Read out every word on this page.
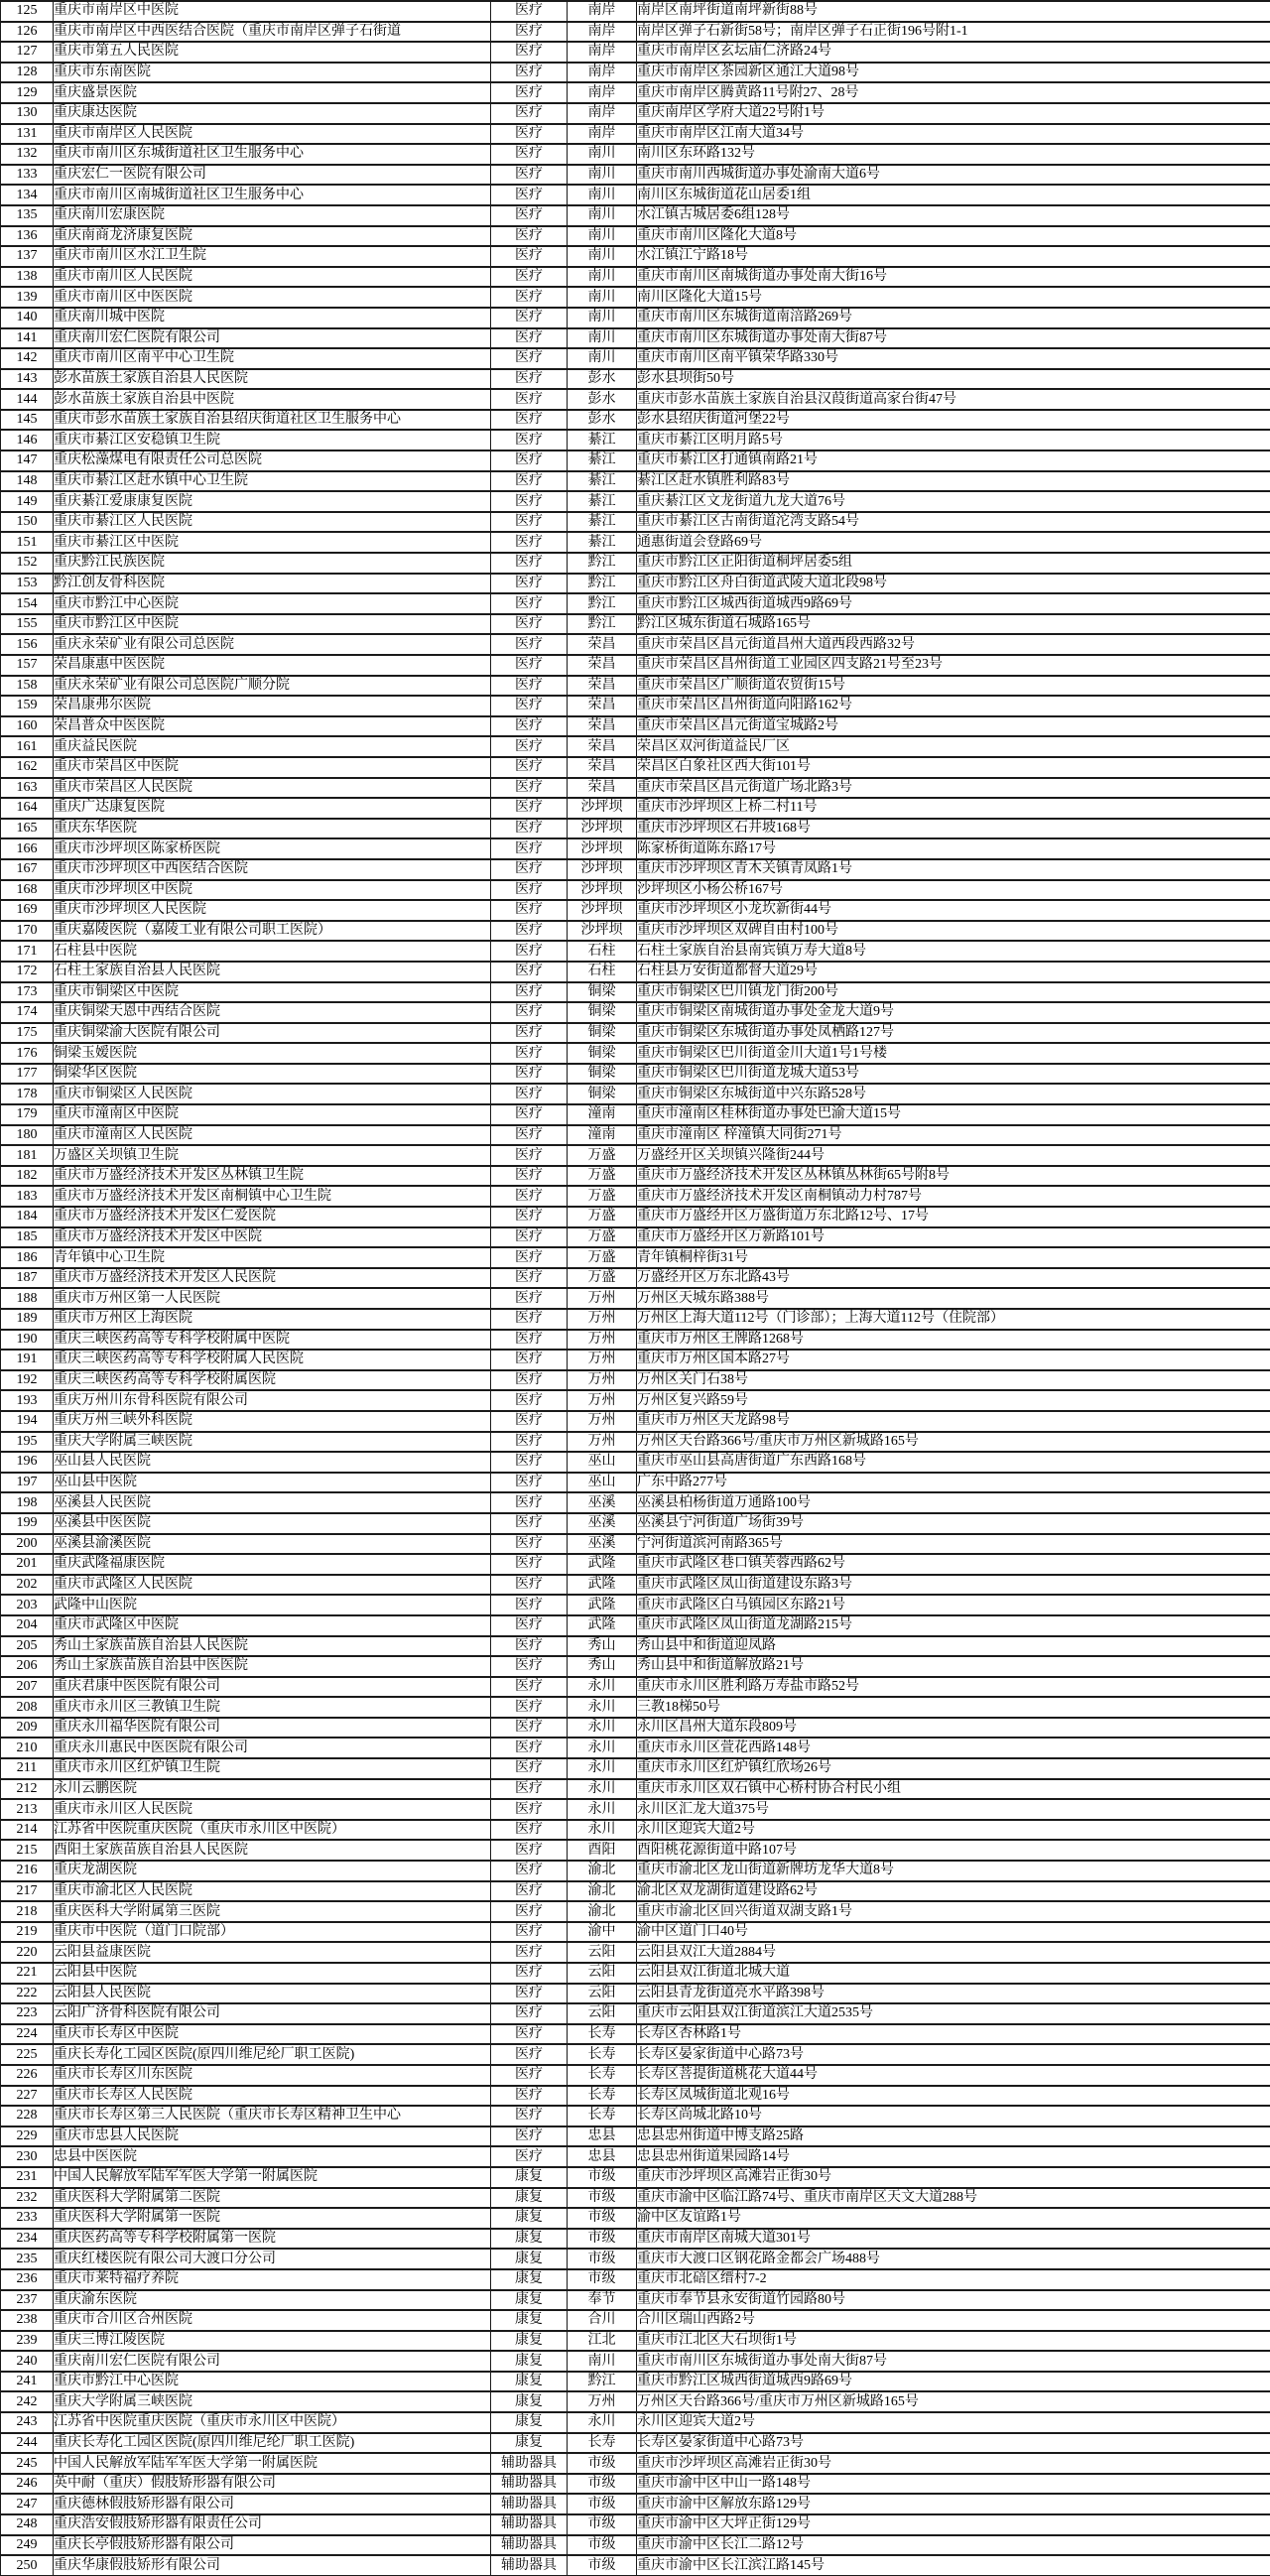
125	重庆市南岸区中医院	医疗	南岸	南岸区南坪街道南坪新街88号
126	重庆市南岸区中西医结合医院（重庆市南岸区弹子石街道	医疗	南岸	南岸区弹子石新街58号；南岸区弹子石正街196号附1-1
127	重庆市第五人民医院	医疗	南岸	重庆市南岸区玄坛庙仁济路24号
128	重庆市东南医院	医疗	南岸	重庆市南岸区茶园新区通江大道98号
129	重庆盛景医院	医疗	南岸	重庆市南岸区腾黄路11号附27、28号
130	重庆康达医院	医疗	南岸	重庆南岸区学府大道22号附1号
131	重庆市南岸区人民医院	医疗	南岸	重庆市南岸区江南大道34号
132	重庆市南川区东城街道社区卫生服务中心	医疗	南川	南川区东环路132号
133	重庆宏仁一医院有限公司	医疗	南川	重庆市南川西城街道办事处渝南大道6号
134	重庆市南川区南城街道社区卫生服务中心	医疗	南川	南川区东城街道花山居委1组
135	重庆南川宏康医院	医疗	南川	水江镇古城居委6组128号
136	重庆南商龙济康复医院	医疗	南川	重庆市南川区隆化大道8号
137	重庆市南川区水江卫生院	医疗	南川	水江镇江宁路18号
138	重庆市南川区人民医院	医疗	南川	重庆市南川区南城街道办事处南大街16号
139	重庆市南川区中医医院	医疗	南川	南川区隆化大道15号
140	重庆南川城中医院	医疗	南川	重庆市南川区东城街道南涪路269号
141	重庆南川宏仁医院有限公司	医疗	南川	重庆市南川区东城街道办事处南大街87号
142	重庆市南川区南平中心卫生院	医疗	南川	重庆市南川区南平镇荣华路330号
143	彭水苗族土家族自治县人民医院	医疗	彭水	彭水县坝街50号
144	彭水苗族土家族自治县中医院	医疗	彭水	重庆市彭水苗族土家族自治县汉葭街道高家台街47号
145	重庆市彭水苗族土家族自治县绍庆街道社区卫生服务中心	医疗	彭水	彭水县绍庆街道河堡22号
146	重庆市綦江区安稳镇卫生院	医疗	綦江	重庆市綦江区明月路5号
147	重庆松藻煤电有限责任公司总医院	医疗	綦江	重庆市綦江区打通镇南路21号
148	重庆市綦江区赶水镇中心卫生院	医疗	綦江	綦江区赶水镇胜利路83号
149	重庆綦江爱康康复医院	医疗	綦江	重庆綦江区文龙街道九龙大道76号
150	重庆市綦江区人民医院	医疗	綦江	重庆市綦江区古南街道沱湾支路54号
151	重庆市綦江区中医院	医疗	綦江	通惠街道会登路69号
152	重庆黔江民族医院	医疗	黔江	重庆市黔江区正阳街道桐坪居委5组
153	黔江创友骨科医院	医疗	黔江	重庆市黔江区舟白街道武陵大道北段98号
154	重庆市黔江中心医院	医疗	黔江	重庆市黔江区城西街道城西9路69号
155	重庆市黔江区中医院	医疗	黔江	黔江区城东街道石城路165号
156	重庆永荣矿业有限公司总医院	医疗	荣昌	重庆市荣昌区昌元街道昌州大道西段西路32号
157	荣昌康惠中医医院	医疗	荣昌	重庆市荣昌区昌州街道工业园区四支路21号至23号
158	重庆永荣矿业有限公司总医院广顺分院	医疗	荣昌	重庆市荣昌区广顺街道农贸街15号
159	荣昌康弗尔医院	医疗	荣昌	重庆市荣昌区昌州街道向阳路162号
160	荣昌普众中医医院	医疗	荣昌	重庆市荣昌区昌元街道宝城路2号
161	重庆益民医院	医疗	荣昌	荣昌区双河街道益民厂区
162	重庆市荣昌区中医院	医疗	荣昌	荣昌区白象社区西大街101号
163	重庆市荣昌区人民医院	医疗	荣昌	重庆市荣昌区昌元街道广场北路3号
164	重庆广达康复医院	医疗	沙坪坝	重庆市沙坪坝区上桥二村11号
165	重庆东华医院	医疗	沙坪坝	重庆市沙坪坝区石井坡168号
166	重庆市沙坪坝区陈家桥医院	医疗	沙坪坝	陈家桥街道陈东路17号
167	重庆市沙坪坝区中西医结合医院	医疗	沙坪坝	重庆市沙坪坝区青木关镇青凤路1号
168	重庆市沙坪坝区中医院	医疗	沙坪坝	沙坪坝区小杨公桥167号
169	重庆市沙坪坝区人民医院	医疗	沙坪坝	重庆市沙坪坝区小龙坎新街44号
170	重庆嘉陵医院（嘉陵工业有限公司职工医院）	医疗	沙坪坝	重庆市沙坪坝区双碑自由村100号
171	石柱县中医院	医疗	石柱	石柱土家族自治县南宾镇万寿大道8号
172	石柱土家族自治县人民医院	医疗	石柱	石柱县万安街道都督大道29号
173	重庆市铜梁区中医院	医疗	铜梁	重庆市铜梁区巴川镇龙门街200号
174	重庆铜梁天恩中西结合医院	医疗	铜梁	重庆市铜梁区南城街道办事处金龙大道9号
175	重庆铜梁渝大医院有限公司	医疗	铜梁	重庆市铜梁区东城街道办事处凤栖路127号
176	铜梁玉嫒医院	医疗	铜梁	重庆市铜梁区巴川街道金川大道1号1号楼
177	铜梁华区医院	医疗	铜梁	重庆市铜梁区巴川街道龙城大道53号
178	重庆市铜梁区人民医院	医疗	铜梁	重庆市铜梁区东城街道中兴东路528号
179	重庆市潼南区中医院	医疗	潼南	重庆市潼南区桂林街道办事处巴渝大道15号
180	重庆市潼南区人民医院	医疗	潼南	重庆市潼南区 梓潼镇大同街271号
181	万盛区关坝镇卫生院	医疗	万盛	万盛经开区关坝镇兴隆街244号
182	重庆市万盛经济技术开发区丛林镇卫生院	医疗	万盛	重庆市万盛经济技术开发区丛林镇丛林街65号附8号
183	重庆市万盛经济技术开发区南桐镇中心卫生院	医疗	万盛	重庆市万盛经济技术开发区南桐镇动力村787号
184	重庆市万盛经济技术开发区仁爱医院	医疗	万盛	重庆市万盛经开区万盛街道万东北路12号、17号
185	重庆市万盛经济技术开发区中医院	医疗	万盛	重庆市万盛经开区万新路101号
186	青年镇中心卫生院	医疗	万盛	青年镇桐梓街31号
187	重庆市万盛经济技术开发区人民医院	医疗	万盛	万盛经开区万东北路43号
188	重庆市万州区第一人民医院	医疗	万州	万州区天城东路388号
189	重庆市万州区上海医院	医疗	万州	万州区上海大道112号（门诊部）；上海大道112号（住院部）
190	重庆三峡医药高等专科学校附属中医院	医疗	万州	重庆市万州区王牌路1268号
191	重庆三峡医药高等专科学校附属人民医院	医疗	万州	重庆市万州区国本路27号
192	重庆三峡医药高等专科学校附属医院	医疗	万州	万州区关门石38号
193	重庆万州川东骨科医院有限公司	医疗	万州	万州区复兴路59号
194	重庆万州三峡外科医院	医疗	万州	重庆市万州区天龙路98号
195	重庆大学附属三峡医院	医疗	万州	万州区天台路366号/重庆市万州区新城路165号
196	巫山县人民医院	医疗	巫山	重庆市巫山县高唐街道广东西路168号
197	巫山县中医院	医疗	巫山	广东中路277号
198	巫溪县人民医院	医疗	巫溪	巫溪县柏杨街道万通路100号
199	巫溪县中医医院	医疗	巫溪	巫溪县宁河街道广场街39号
200	巫溪县渝溪医院	医疗	巫溪	宁河街道滨河南路365号
201	重庆武隆福康医院	医疗	武隆	重庆市武隆区巷口镇芙蓉西路62号
202	重庆市武隆区人民医院	医疗	武隆	重庆市武隆区凤山街道建设东路3号
203	武隆中山医院	医疗	武隆	重庆市武隆区白马镇园区东路21号
204	重庆市武隆区中医院	医疗	武隆	重庆市武隆区凤山街道龙湖路215号
205	秀山土家族苗族自治县人民医院	医疗	秀山	秀山县中和街道迎凤路
206	秀山土家族苗族自治县中医医院	医疗	秀山	秀山县中和街道解放路21号
207	重庆君康中医医院有限公司	医疗	永川	重庆市永川区胜利路万寿盐市路52号
208	重庆市永川区三教镇卫生院	医疗	永川	三教18梯50号
209	重庆永川福华医院有限公司	医疗	永川	永川区昌州大道东段809号
210	重庆永川惠民中医医院有限公司	医疗	永川	重庆市永川区萱花西路148号
211	重庆市永川区红炉镇卫生院	医疗	永川	重庆市永川区红炉镇红欣场26号
212	永川云鹏医院	医疗	永川	重庆市永川区双石镇中心桥村协合村民小组
213	重庆市永川区人民医院	医疗	永川	永川区汇龙大道375号
214	江苏省中医院重庆医院（重庆市永川区中医院）	医疗	永川	永川区迎宾大道2号
215	酉阳土家族苗族自治县人民医院	医疗	酉阳	酉阳桃花源街道中路107号
216	重庆龙湖医院	医疗	渝北	重庆市渝北区龙山街道新牌坊龙华大道8号
217	重庆市渝北区人民医院	医疗	渝北	渝北区双龙湖街道建设路62号
218	重庆医科大学附属第三医院	医疗	渝北	重庆市渝北区回兴街道双湖支路1号
219	重庆市中医院（道门口院部）	医疗	渝中	渝中区道门口40号
220	云阳县益康医院	医疗	云阳	云阳县双江大道2884号
221	云阳县中医院	医疗	云阳	云阳县双江街道北城大道
222	云阳县人民医院	医疗	云阳	云阳县青龙街道亮水平路398号
223	云阳广济骨科医院有限公司	医疗	云阳	重庆市云阳县双江街道滨江大道2535号
224	重庆市长寿区中医院	医疗	长寿	长寿区杏林路1号
225	重庆长寿化工园区医院(原四川维尼纶厂职工医院)	医疗	长寿	长寿区晏家街道中心路73号
226	重庆市长寿区川东医院	医疗	长寿	长寿区菩提街道桃花大道44号
227	重庆市长寿区人民医院	医疗	长寿	长寿区凤城街道北观16号
228	重庆市长寿区第三人民医院（重庆市长寿区精神卫生中心	医疗	长寿	长寿区尚城北路10号
229	重庆市忠县人民医院	医疗	忠县	忠县忠州街道中博支路25路
230	忠县中医医院	医疗	忠县	忠县忠州街道果园路14号
231	中国人民解放军陆军军医大学第一附属医院	康复	市级	重庆市沙坪坝区高滩岩正街30号
232	重庆医科大学附属第二医院	康复	市级	重庆市渝中区临江路74号、重庆市南岸区天文大道288号
233	重庆医科大学附属第一医院	康复	市级	渝中区友谊路1号
234	重庆医药高等专科学校附属第一医院	康复	市级	重庆市南岸区南城大道301号
235	重庆红楼医院有限公司大渡口分公司	康复	市级	重庆市大渡口区钢花路金都会广场488号
236	重庆市莱特福疗养院	康复	市级	重庆市北碚区缙村7-2
237	重庆渝东医院	康复	奉节	重庆市奉节县永安街道竹园路80号
238	重庆市合川区合州医院	康复	合川	合川区瑞山西路2号
239	重庆三博江陵医院	康复	江北	重庆市江北区大石坝街1号
240	重庆南川宏仁医院有限公司	康复	南川	重庆市南川区东城街道办事处南大街87号
241	重庆市黔江中心医院	康复	黔江	重庆市黔江区城西街道城西9路69号
242	重庆大学附属三峡医院	康复	万州	万州区天台路366号/重庆市万州区新城路165号
243	江苏省中医院重庆医院（重庆市永川区中医院）	康复	永川	永川区迎宾大道2号
244	重庆长寿化工园区医院(原四川维尼纶厂职工医院)	康复	长寿	长寿区晏家街道中心路73号
245	中国人民解放军陆军军医大学第一附属医院	辅助器具	市级	重庆市沙坪坝区高滩岩正街30号
246	英中耐（重庆）假肢矫形器有限公司	辅助器具	市级	重庆市渝中区中山一路148号
247	重庆德林假肢矫形器有限公司	辅助器具	市级	重庆市渝中区解放东路129号
248	重庆浩安假肢矫形器有限责任公司	辅助器具	市级	重庆市渝中区大坪正街129号
249	重庆长亭假肢矫形器有限公司	辅助器具	市级	重庆市渝中区长江二路12号
250	重庆华康假肢矫形有限公司	辅助器具	市级	重庆市渝中区长江滨江路145号
